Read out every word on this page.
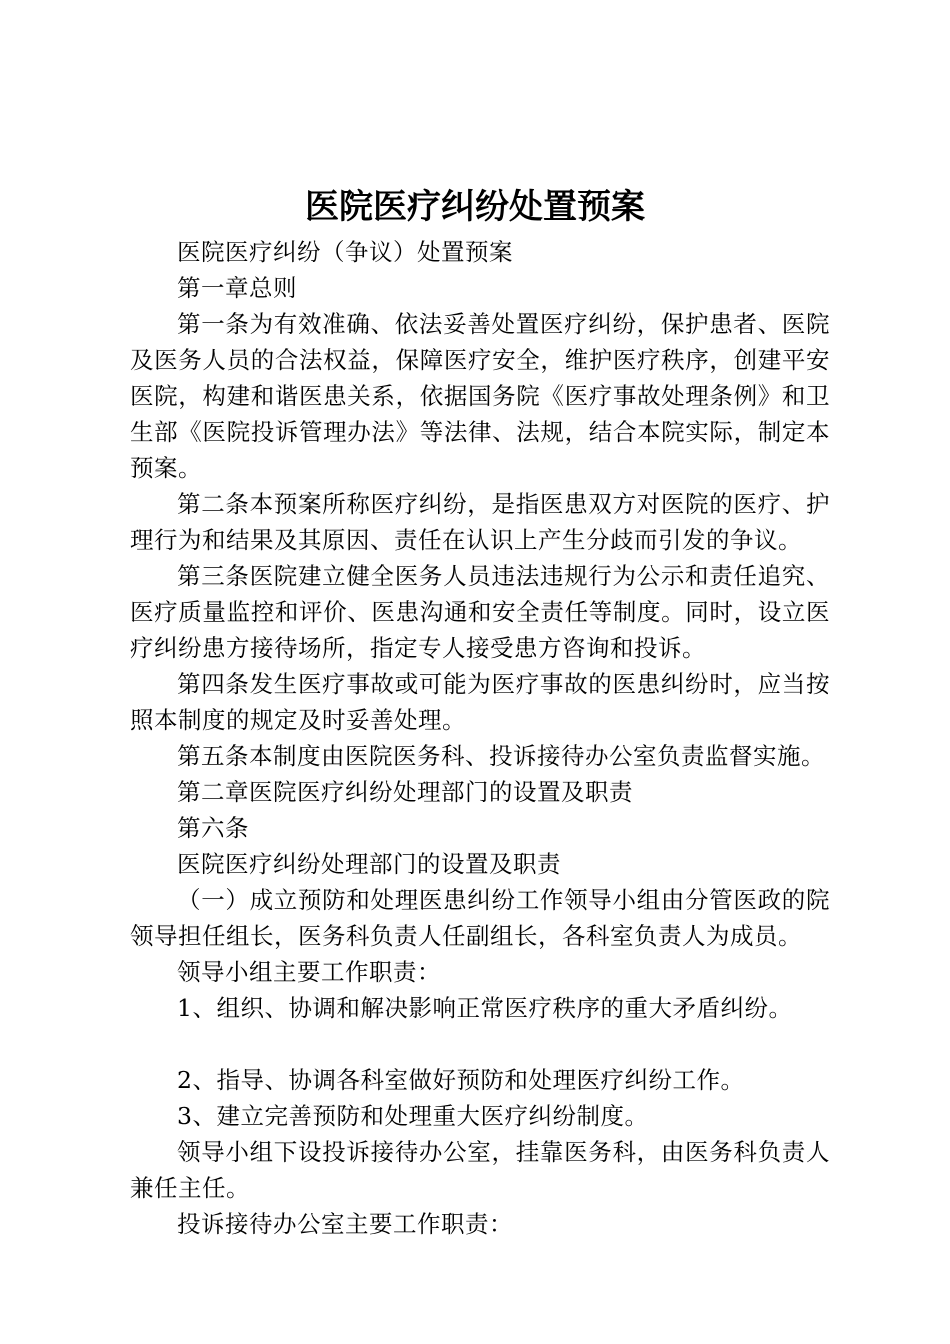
医院医疗纠纷处置预案

医院医疗纠纷（争议）处置预案

第一章总则

第一条为有效准确、依法妥善处置医疗纠纷，保护患者、医院及医务人员的合法权益，保障医疗安全，维护医疗秩序，创建平安医院，构建和谐医患关系，依据国务院《医疗事故处理条例》和卫生部《医院投诉管理办法》等法律、法规，结合本院实际，制定本预案。

第二条本预案所称医疗纠纷，是指医患双方对医院的医疗、护理行为和结果及其原因、责任在认识上产生分歧而引发的争议。

第三条医院建立健全医务人员违法违规行为公示和责任追究、医疗质量监控和评价、医患沟通和安全责任等制度。同时，设立医疗纠纷患方接待场所，指定专人接受患方咨询和投诉。

第四条发生医疗事故或可能为医疗事故的医患纠纷时，应当按照本制度的规定及时妥善处理。

第五条本制度由医院医务科、投诉接待办公室负责监督实施。

第二章医院医疗纠纷处理部门的设置及职责

第六条

医院医疗纠纷处理部门的设置及职责

（一）成立预防和处理医患纠纷工作领导小组由分管医政的院领导担任组长，医务科负责人任副组长，各科室负责人为成员。

领导小组主要工作职责：

1、组织、协调和解决影响正常医疗秩序的重大矛盾纠纷。

2、指导、协调各科室做好预防和处理医疗纠纷工作。

3、建立完善预防和处理重大医疗纠纷制度。

领导小组下设投诉接待办公室，挂靠医务科，由医务科负责人兼任主任。

投诉接待办公室主要工作职责：
